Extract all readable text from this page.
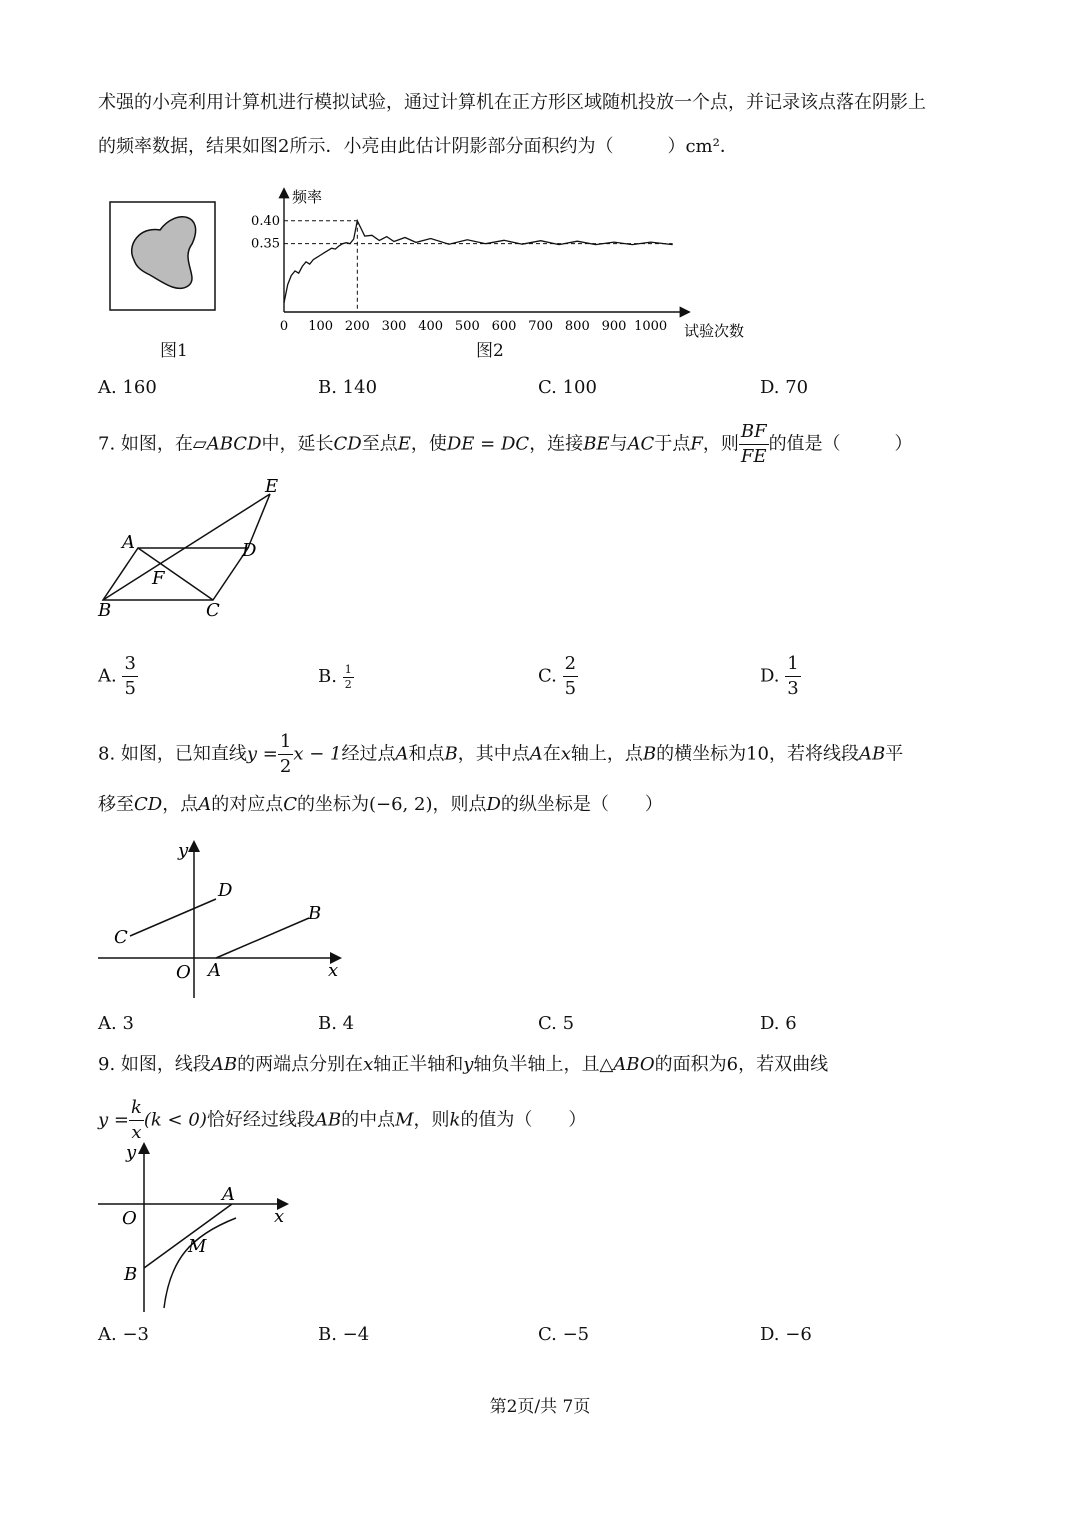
术强的小亮利用计算机进行模拟试验，通过计算机在正方形区域随机投放一个点，并记录该点落在阴影上
的频率数据，结果如图2所示．小亮由此估计阴影部分面积约为（　　　）cm²．
图1
频率
试验次数
0 100 200 300 400 500 600 700 800 900 1000
0.40
0.35
图2
A. 160	B. 140	C. 100	D. 70
7. 如图，在▱ABCD中，延长CD至点E，使DE = DC，连接BE与AC于点F，则 $\frac{BF}{FE}$ 的值是（　　　）
A	D
E
F
B	C
A. $\frac{3}{5}$	B. $\frac{1}{2}$	C. $\frac{2}{5}$	D. $\frac{1}{3}$
8. 如图，已知直线$y = \frac{1}{2}$ x − 1经过点A和点B，其中点A在x轴上，点B的横坐标为10，若将线段AB平
移至CD，点A的对应点C的坐标为(−6, 2)，则点D的纵坐标是（　　）
y
x
O A
B
C
D
A. 3	B. 4	C. 5	D. 6
9. 如图，线段AB的两端点分别在x轴正半轴和y轴负半轴上，且△ABO的面积为6，若双曲线
$y = \frac{k}{x} (k < 0)$恰好经过线段AB的中点M，则k的值为（　　）
y
x
O
A
B
M
A. −3	B. −4	C. −5	D. −6
第2页/共 7页
